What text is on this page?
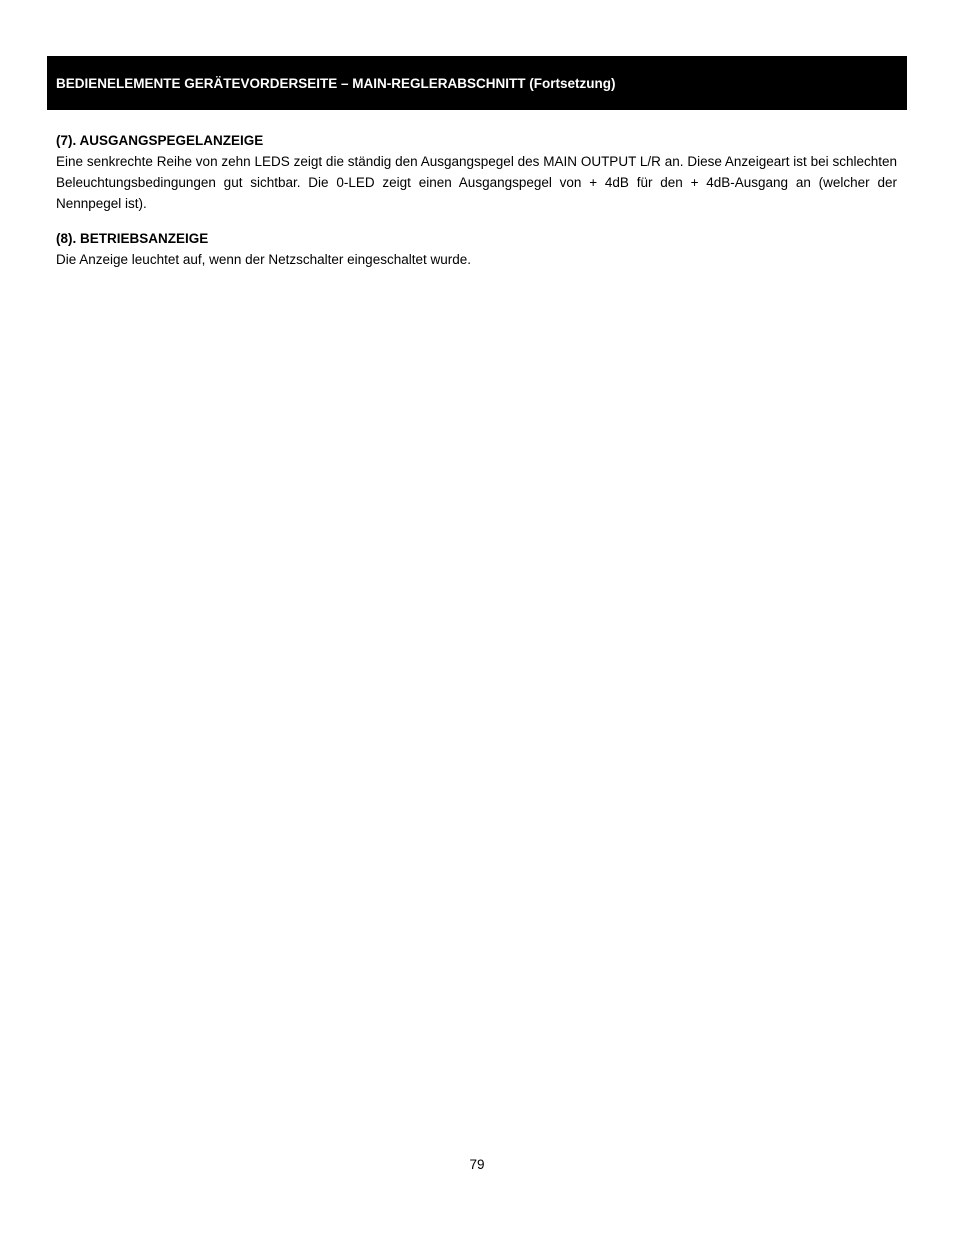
BEDIENELEMENTE GERÄTEVORDERSEITE – MAIN-REGLERABSCHNITT (Fortsetzung)

(7). AUSGANGSPEGELANZEIGE

Eine senkrechte Reihe von zehn LEDS zeigt die ständig den Ausgangspegel des MAIN OUTPUT L/R an. Diese Anzeigeart ist bei schlechten Beleuchtungsbedingungen gut sichtbar. Die 0-LED zeigt einen Ausgangspegel von + 4dB für den + 4dB-Ausgang an (welcher der Nennpegel ist).

(8). BETRIEBSANZEIGE

Die Anzeige leuchtet auf, wenn der Netzschalter eingeschaltet wurde.

79
